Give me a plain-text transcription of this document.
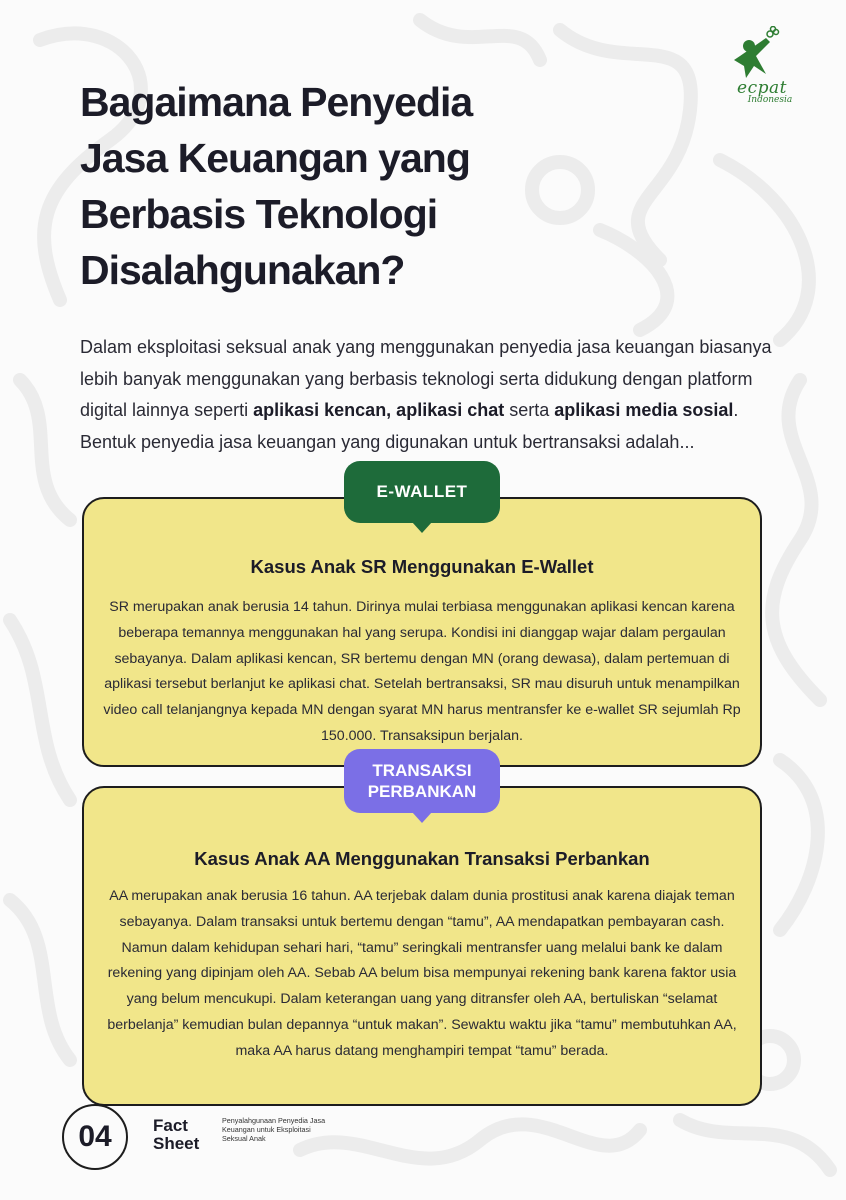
ecpat
Indonesia
Bagaimana Penyedia Jasa Keuangan yang Berbasis Teknologi Disalahgunakan?

Dalam eksploitasi seksual anak yang menggunakan penyedia jasa keuangan biasanya lebih banyak menggunakan yang berbasis teknologi serta didukung dengan platform digital lainnya seperti aplikasi kencan, aplikasi chat serta aplikasi media sosial. Bentuk penyedia jasa keuangan yang digunakan untuk bertransaksi adalah...

Kasus Anak SR Menggunakan E-Wallet

SR merupakan anak berusia 14 tahun. Dirinya mulai terbiasa menggunakan aplikasi kencan karena beberapa temannya menggunakan hal yang serupa. Kondisi ini dianggap wajar dalam pergaulan sebayanya. Dalam aplikasi kencan, SR bertemu dengan MN (orang dewasa), dalam pertemuan di aplikasi tersebut berlanjut ke aplikasi chat. Setelah bertransaksi, SR mau disuruh untuk menampilkan video call telanjangnya kepada MN dengan syarat MN harus mentransfer ke e-wallet SR sejumlah Rp 150.000. Transaksipun berjalan.

E-WALLET
Kasus Anak AA Menggunakan Transaksi Perbankan

AA merupakan anak berusia 16 tahun. AA terjebak dalam dunia prostitusi anak karena diajak teman sebayanya. Dalam transaksi untuk bertemu dengan “tamu”, AA mendapatkan pembayaran cash. Namun dalam kehidupan sehari hari, “tamu” seringkali mentransfer uang melalui bank ke dalam rekening yang dipinjam oleh AA. Sebab AA belum bisa mempunyai rekening bank karena faktor usia yang belum mencukupi. Dalam keterangan uang yang ditransfer oleh AA, bertuliskan “selamat berbelanja” kemudian bulan depannya “untuk makan”. Sewaktu waktu jika “tamu” membutuhkan AA, maka AA harus datang menghampiri tempat “tamu” berada.

TRANSAKSI
PERBANKAN
04	Fact
Sheet
Penyalahgunaan Penyedia Jasa Keuangan untuk Eksploitasi Seksual Anak
